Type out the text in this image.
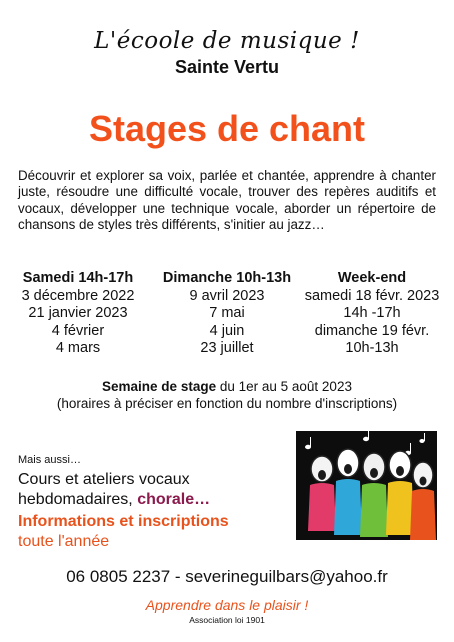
L'écoole de musique !
Sainte Vertu
Stages de chant
Découvrir et explorer sa voix, parlée et chantée, apprendre à chanter juste, résoudre une difficulté vocale, trouver des repères auditifs et vocaux, développer une technique vocale, aborder un répertoire de chansons de styles très différents, s'initier au jazz…
Samedi 14h-17h
3 décembre 2022
21 janvier 2023
4 février
4 mars
Dimanche 10h-13h
9 avril 2023
7 mai
4 juin
23 juillet
Week-end
samedi 18 févr. 2023
14h -17h
dimanche 19 févr.
10h-13h
Semaine de stage du 1er au 5 août 2023
(horaires à préciser en fonction du nombre d'inscriptions)
Mais aussi…
Cours et ateliers vocaux
hebdomadaires, chorale…
Informations et inscriptions
toute l'année
06 0805 2237 - severineguilbars@yahoo.fr
Apprendre dans le plaisir !
Association loi 1901
